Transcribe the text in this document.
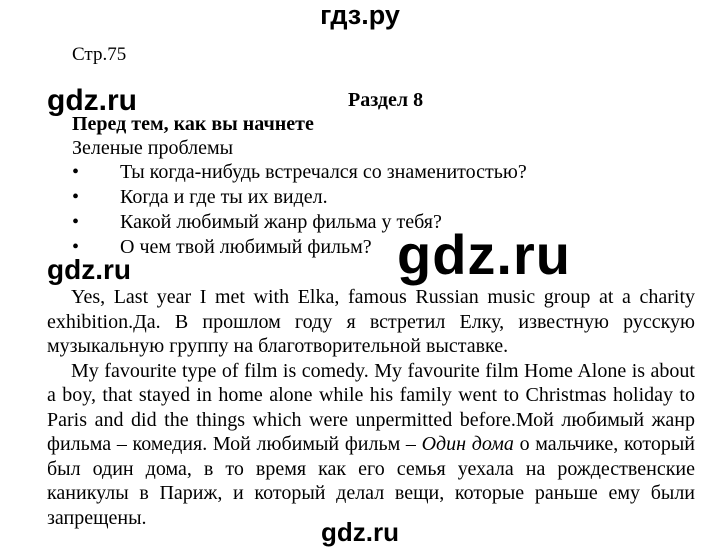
гдз.ру
Стр.75
gdz.ru	Раздел 8
Перед тем, как вы начнете
Зеленые проблемы
• Ты когда-нибудь встречался со знаменитостью?
• Когда и где ты их видел.
• Какой любимый жанр фильма у тебя?
• О чем твой любимый фильм? gdz.ru
gdz.ru

Yes, Last year I met with Elka, famous Russian music group at a charity exhibition.Да. В прошлом году я встретил Елку, известную русскую музыкальную группу на благотворительной выставке.

My favourite type of film is comedy. My favourite film Home Alone is about a boy, that stayed in home alone while his family went to Christmas holiday to Paris and did the things which were unpermitted before.Мой любимый жанр фильма – комедия. Мой любимый фильм – Один дома о мальчике, который был один дома, в то время как его семья уехала на рождественские каникулы в Париж, и который делал вещи, которые раньше ему были запрещены.	gdz.ru
